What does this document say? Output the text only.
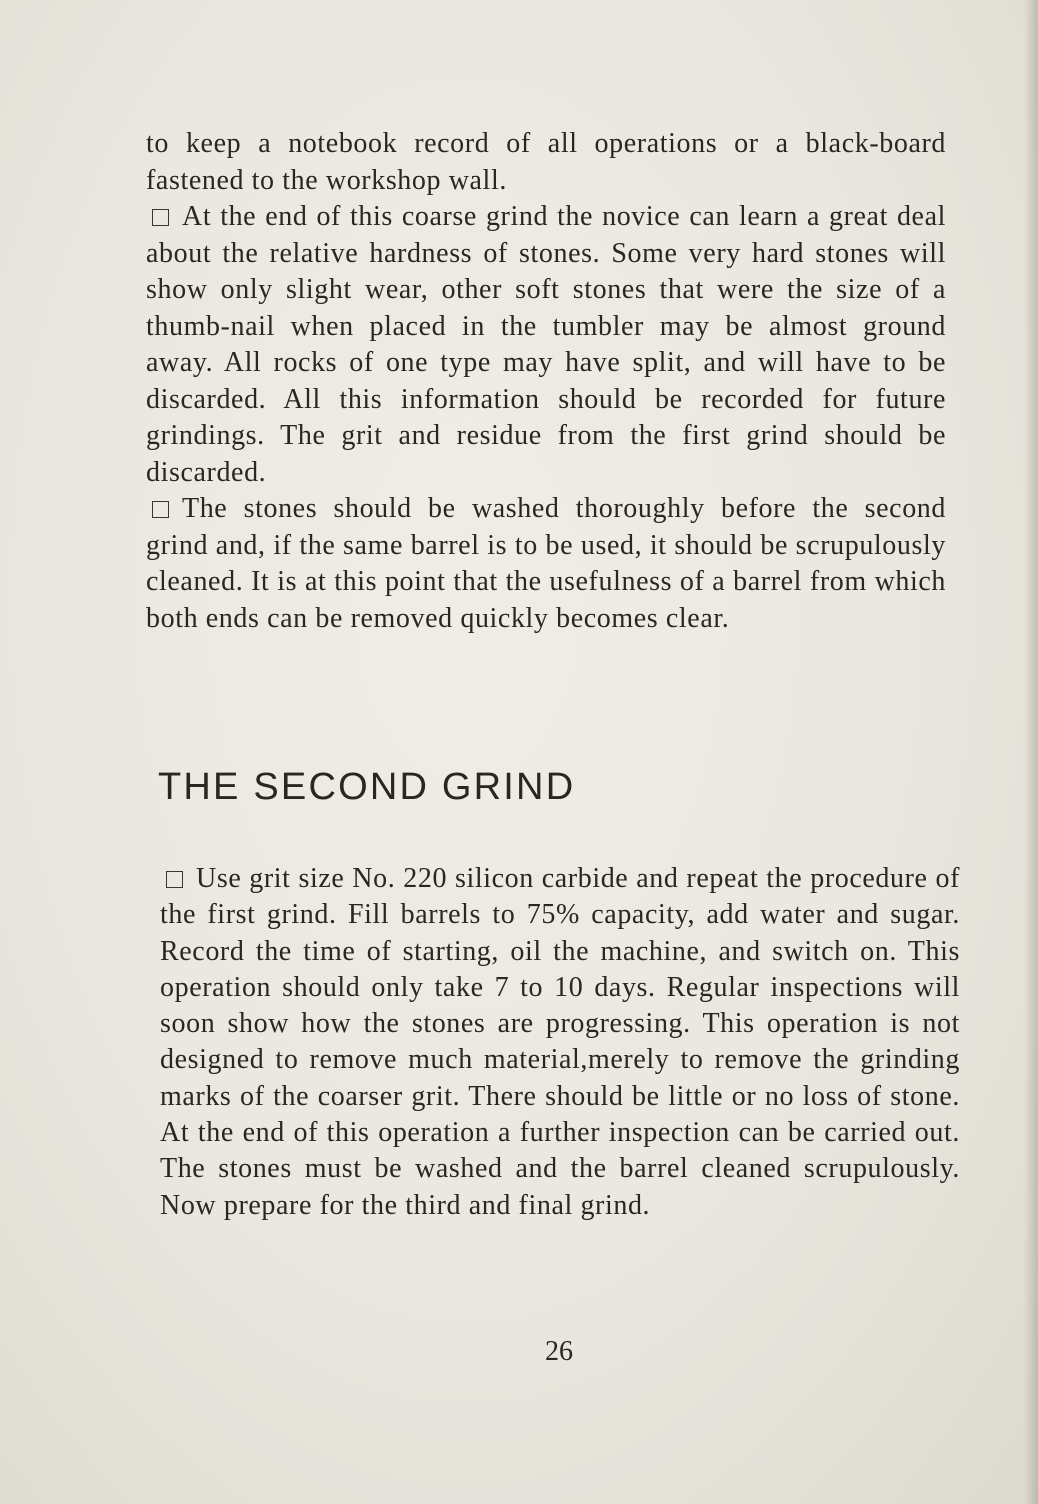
to keep a notebook record of all operations or a black-board fastened to the workshop wall.

At the end of this coarse grind the novice can learn a great deal about the relative hardness of stones. Some very hard stones will show only slight wear, other soft stones that were the size of a thumb-nail when placed in the tumbler may be almost ground away. All rocks of one type may have split, and will have to be discarded. All this information should be recorded for future grindings. The grit and residue from the first grind should be discarded.

The stones should be washed thoroughly before the second grind and, if the same barrel is to be used, it should be scrupulously cleaned. It is at this point that the usefulness of a barrel from which both ends can be removed quickly becomes clear.

THE SECOND GRIND

Use grit size No. 220 silicon carbide and repeat the procedure of the first grind. Fill barrels to 75% capacity, add water and sugar. Record the time of starting, oil the machine, and switch on. This operation should only take 7 to 10 days. Regular inspections will soon show how the stones are progressing. This operation is not designed to remove much material,merely to remove the grinding marks of the coarser grit. There should be little or no loss of stone. At the end of this operation a further inspection can be carried out. The stones must be washed and the barrel cleaned scrupulously. Now prepare for the third and final grind.

26
